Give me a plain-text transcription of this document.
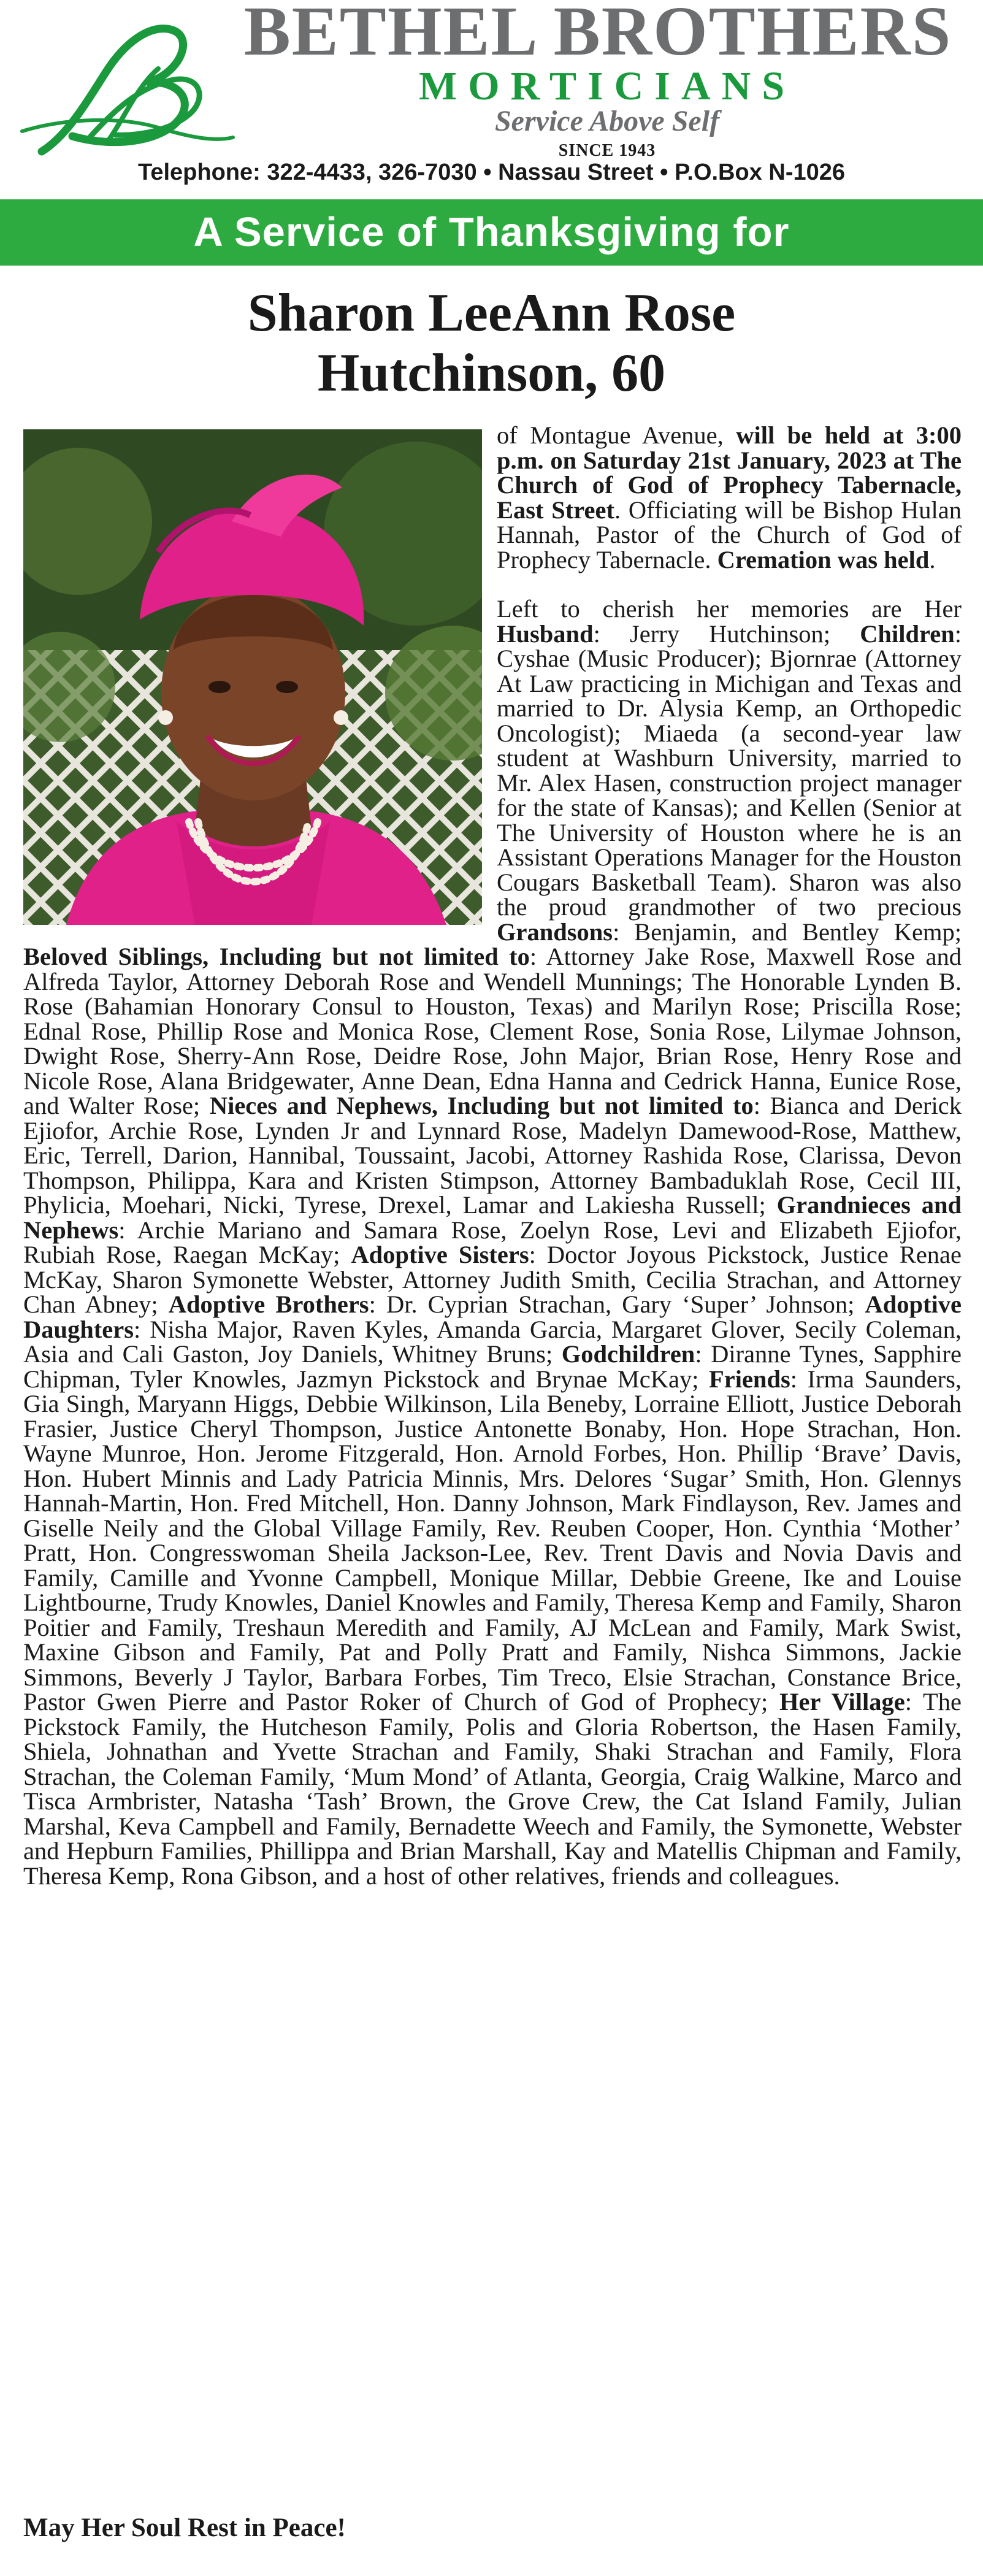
BETHEL BROTHERS
MORTICIANS
Service Above Self
SINCE 1943
Telephone: 322-4433, 326-7030 • Nassau Street • P.O.Box N-1026
A Service of Thanksgiving for
Sharon LeeAnn Rose
Hutchinson, 60

of Montague Avenue, will be held at 3:00 p.m. on Saturday 21st January, 2023 at The Church of God of Prophecy Tabernacle, East Street. Officiating will be Bishop Hulan Hannah, Pastor of the Church of God of Prophecy Tabernacle. Cremation was held.

Left to cherish her memories are Her Husband: Jerry Hutchinson; Children: Cyshae (Music Producer); Bjornrae (Attorney At Law practicing in Michigan and Texas and married to Dr. Alysia Kemp, an Orthopedic Oncologist); Miaeda (a second-year law student at Washburn University, married to Mr. Alex Hasen, construction project manager for the state of Kansas); and Kellen (Senior at The University of Houston where he is an Assistant Operations Manager for the Houston Cougars Basketball Team). Sharon was also the proud grandmother of two precious Grandsons: Benjamin, and Bentley Kemp; Beloved Siblings, Including but not limited to: Attorney Jake Rose, Maxwell Rose and Alfreda Taylor, Attorney Deborah Rose and Wendell Munnings; The Honorable Lynden B. Rose (Bahamian Honorary Consul to Houston, Texas) and Marilyn Rose; Priscilla Rose; Ednal Rose, Phillip Rose and Monica Rose, Clement Rose, Sonia Rose, Lilymae Johnson, Dwight Rose, Sherry-Ann Rose, Deidre Rose, John Major, Brian Rose, Henry Rose and Nicole Rose, Alana Bridgewater, Anne Dean, Edna Hanna and Cedrick Hanna, Eunice Rose, and Walter Rose; Nieces and Nephews, Including but not limited to: Bianca and Derick Ejiofor, Archie Rose, Lynden Jr and Lynnard Rose, Madelyn Damewood-Rose, Matthew, Eric, Terrell, Darion, Hannibal, Toussaint, Jacobi, Attorney Rashida Rose, Clarissa, Devon Thompson, Philippa, Kara and Kristen Stimpson, Attorney Bambaduklah Rose, Cecil III, Phylicia, Moehari, Nicki, Tyrese, Drexel, Lamar and Lakiesha Russell; Grandnieces and Nephews: Archie Mariano and Samara Rose, Zoelyn Rose, Levi and Elizabeth Ejiofor, Rubiah Rose, Raegan McKay; Adoptive Sisters: Doctor Joyous Pickstock, Justice Renae McKay, Sharon Symonette Webster, Attorney Judith Smith, Cecilia Strachan, and Attorney Chan Abney; Adoptive Brothers: Dr. Cyprian Strachan, Gary ‘Super’ Johnson; Adoptive Daughters: Nisha Major, Raven Kyles, Amanda Garcia, Margaret Glover, Secily Coleman, Asia and Cali Gaston, Joy Daniels, Whitney Bruns; Godchildren: Diranne Tynes, Sapphire Chipman, Tyler Knowles, Jazmyn Pickstock and Brynae McKay; Friends: Irma Saunders, Gia Singh, Maryann Higgs, Debbie Wilkinson, Lila Beneby, Lorraine Elliott, Justice Deborah Frasier, Justice Cheryl Thompson, Justice Antonette Bonaby, Hon. Hope Strachan, Hon. Wayne Munroe, Hon. Jerome Fitzgerald, Hon. Arnold Forbes, Hon. Phillip ‘Brave’ Davis, Hon. Hubert Minnis and Lady Patricia Minnis, Mrs. Delores ‘Sugar’ Smith, Hon. Glennys Hannah-Martin, Hon. Fred Mitchell, Hon. Danny Johnson, Mark Findlayson, Rev. James and Giselle Neily and the Global Village Family, Rev. Reuben Cooper, Hon. Cynthia ‘Mother’ Pratt, Hon. Congresswoman Sheila Jackson-Lee, Rev. Trent Davis and Novia Davis and Family, Camille and Yvonne Campbell, Monique Millar, Debbie Greene, Ike and Louise Lightbourne, Trudy Knowles, Daniel Knowles and Family, Theresa Kemp and Family, Sharon Poitier and Family, Treshaun Meredith and Family, AJ McLean and Family, Mark Swist, Maxine Gibson and Family, Pat and Polly Pratt and Family, Nishca Simmons, Jackie Simmons, Beverly J Taylor, Barbara Forbes, Tim Treco, Elsie Strachan, Constance Brice, Pastor Gwen Pierre and Pastor Roker of Church of God of Prophecy; Her Village: The Pickstock Family, the Hutcheson Family, Polis and Gloria Robertson, the Hasen Family, Shiela, Johnathan and Yvette Strachan and Family, Shaki Strachan and Family, Flora Strachan, the Coleman Family, ‘Mum Mond’ of Atlanta, Georgia, Craig Walkine, Marco and Tisca Armbrister, Natasha ‘Tash’ Brown, the Grove Crew, the Cat Island Family, Julian Marshal, Keva Campbell and Family, Bernadette Weech and Family, the Symonette, Webster and Hepburn Families, Phillippa and Brian Marshall, Kay and Matellis Chipman and Family, Theresa Kemp, Rona Gibson, and a host of other relatives, friends and colleagues.

May Her Soul Rest in Peace!
